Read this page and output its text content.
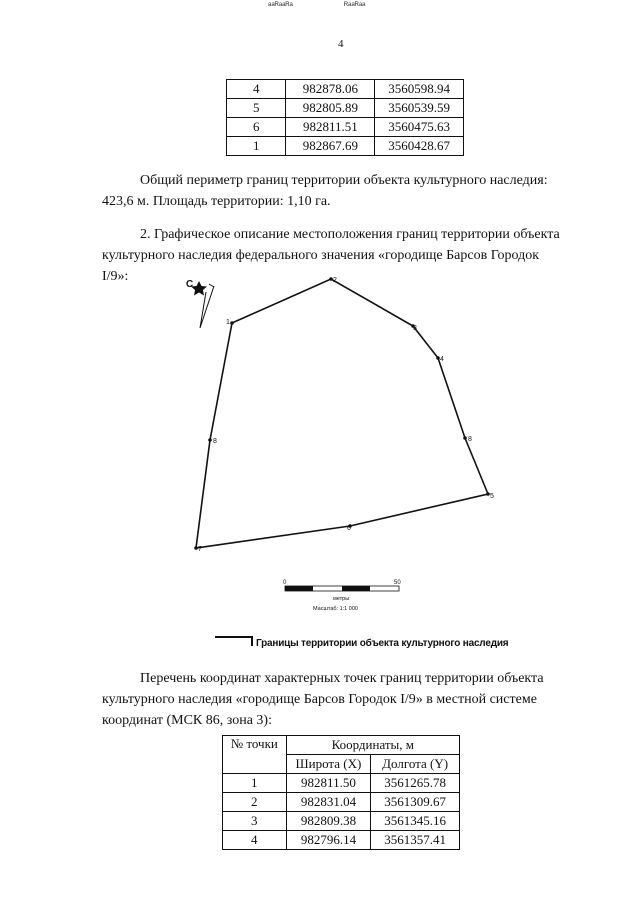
ᵃᵃᴿᵃᵃᴿᵃ	ᴿᵃᵃᴿᵃᵃ
4
4	982878.06	3560598.94
5	982805.89	3560539.59
6	982811.51	3560475.63
1	982867.69	3560428.67
Общий периметр границ территории объекта культурного наследия:
423,6 м. Площадь территории: 1,10 га.
2. Графическое описание местоположения границ территории объекта
культурного наследия федерального значения «городище Барсов Городок
I/9»:
С
1
2
3
4
8
5
6
7
8
0	50
метры
Масштаб: 1:1 000
Границы территории объекта культурного наследия
Перечень координат характерных точек границ территории объекта
культурного наследия «городище Барсов Городок I/9» в местной системе
координат (МСК 86, зона 3):
№ точки	Координаты, м	
	Широта (X)	Долгота (Y)
1	982811.50	3561265.78
2	982831.04	3561309.67
3	982809.38	3561345.16
4	982796.14	3561357.41
